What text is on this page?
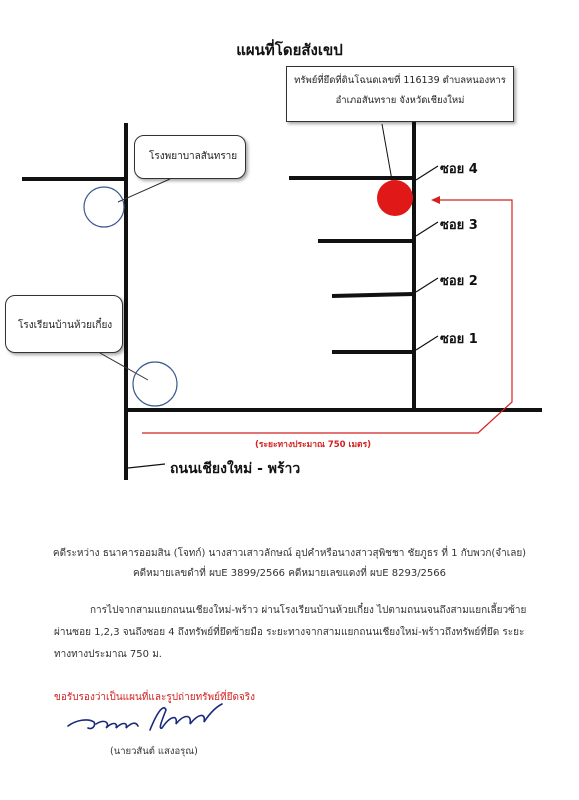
แผนที่โดยสังเขป
ทรัพย์ที่ยึดที่ดินโฉนดเลขที่ 116139 ตำบลหนองหาร
อำเภอสันทราย จังหวัดเชียงใหม่
โรงพยาบาลสันทราย
โรงเรียนบ้านห้วยเกี๋ยง
ซอย 4
ซอย 3
ซอย 2
ซอย 1
(ระยะทางประมาณ 750 เมตร)
ถนนเชียงใหม่ - พร้าว
คดีระหว่าง ธนาคารออมสิน (โจทก์) นางสาวเสาวลักษณ์ อุปคำหรือนางสาวสุพิชชา ชัยภูธร ที่ 1 กับพวก(จำเลย)
คดีหมายเลขดำที่ ผบE 3899/2566 คดีหมายเลขแดงที่ ผบE 8293/2566
การไปจากสามแยกถนนเชียงใหม่-พร้าว ผ่านโรงเรียนบ้านห้วยเกี๋ยง ไปตามถนนจนถึงสามแยกเลี้ยวซ้าย ผ่านซอย 1,2,3 จนถึงซอย 4 ถึงทรัพย์ที่ยึดซ้ายมือ ระยะทางจากสามแยกถนนเชียงใหม่-พร้าวถึงทรัพย์ที่ยึด ระยะทางทางประมาณ 750 ม.
ขอรับรองว่าเป็นแผนที่และรูปถ่ายทรัพย์ที่ยึดจริง
(นายวสันต์ แสงอรุณ)
